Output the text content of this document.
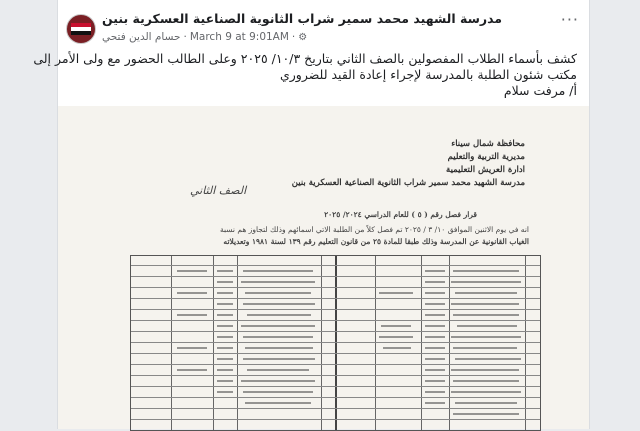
مدرسة الشهيد محمد سمير شراب الثانوية الصناعية العسكرية بنين
حسام الدين فتحي · March 9 at 9:01AM · ⚙
···
كشف بأسماء الطلاب المفصولين بالصف الثاني بتاريخ ١٠/٣/ ٢٠٢٥ وعلى الطالب الحضور مع ولى الأمر إلى
مكتب شئون الطلبة بالمدرسة لإجراء إعادة القيد للضروري
أ/ مرفت سلام
محافظة شمال سيناء
مديرية التربية والتعليم
ادارة العريش التعليمية
مدرسة الشهيد محمد سمير شراب الثانوية الصناعية العسكرية بنين
الصف الثاني
قرار فصل رقم ( ٥ ) للعام الدراسي ٢٠٢٤/ ٢٠٢٥
انه في يوم الاثنين الموافق ١٠/ ٣ / ٢٠٢٥ تم فصل كلاً من الطلبة الاتي اسمائهم وذلك لتجاوز هم نسبة
الغياب القانونية عن المدرسة وذلك طبقا للمادة ٢٥ من قانون التعليم رقم ١٣٩ لسنة ١٩٨١ وتعديلاته
